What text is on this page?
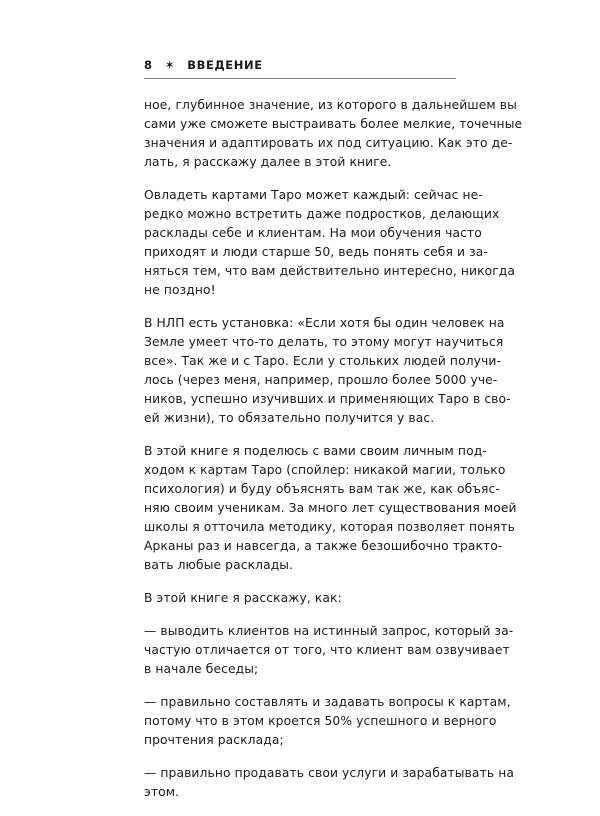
8 ✶ ВВЕДЕНИЕ
ное, глубинное значение, из которого в дальнейшем вы
сами уже сможете выстраивать более мелкие, точечные
значения и адаптировать их под ситуацию. Как это де-
лать, я расскажу далее в этой книге.
Овладеть картами Таро может каждый: сейчас не-
редко можно встретить даже подростков, делающих
расклады себе и клиентам. На мои обучения часто
приходят и люди старше 50, ведь понять себя и за-
няться тем, что вам действительно интересно, никогда
не поздно!
В НЛП есть установка: «Если хотя бы один человек на
Земле умеет что-то делать, то этому могут научиться
все». Так же и с Таро. Если у стольких людей получи-
лось (через меня, например, прошло более 5000 уче-
ников, успешно изучивших и применяющих Таро в сво-
ей жизни), то обязательно получится у вас.
В этой книге я поделюсь с вами своим личным под-
ходом к картам Таро (спойлер: никакой магии, только
психология) и буду объяснять вам так же, как объяс-
няю своим ученикам. За много лет существования моей
школы я отточила методику, которая позволяет понять
Арканы раз и навсегда, а также безошибочно тракто-
вать любые расклады.
В этой книге я расскажу, как:
— выводить клиентов на истинный запрос, который за-
частую отличается от того, что клиент вам озвучивает
в начале беседы;
— правильно составлять и задавать вопросы к картам,
потому что в этом кроется 50% успешного и верного
прочтения расклада;
— правильно продавать свои услуги и зарабатывать на
этом.
